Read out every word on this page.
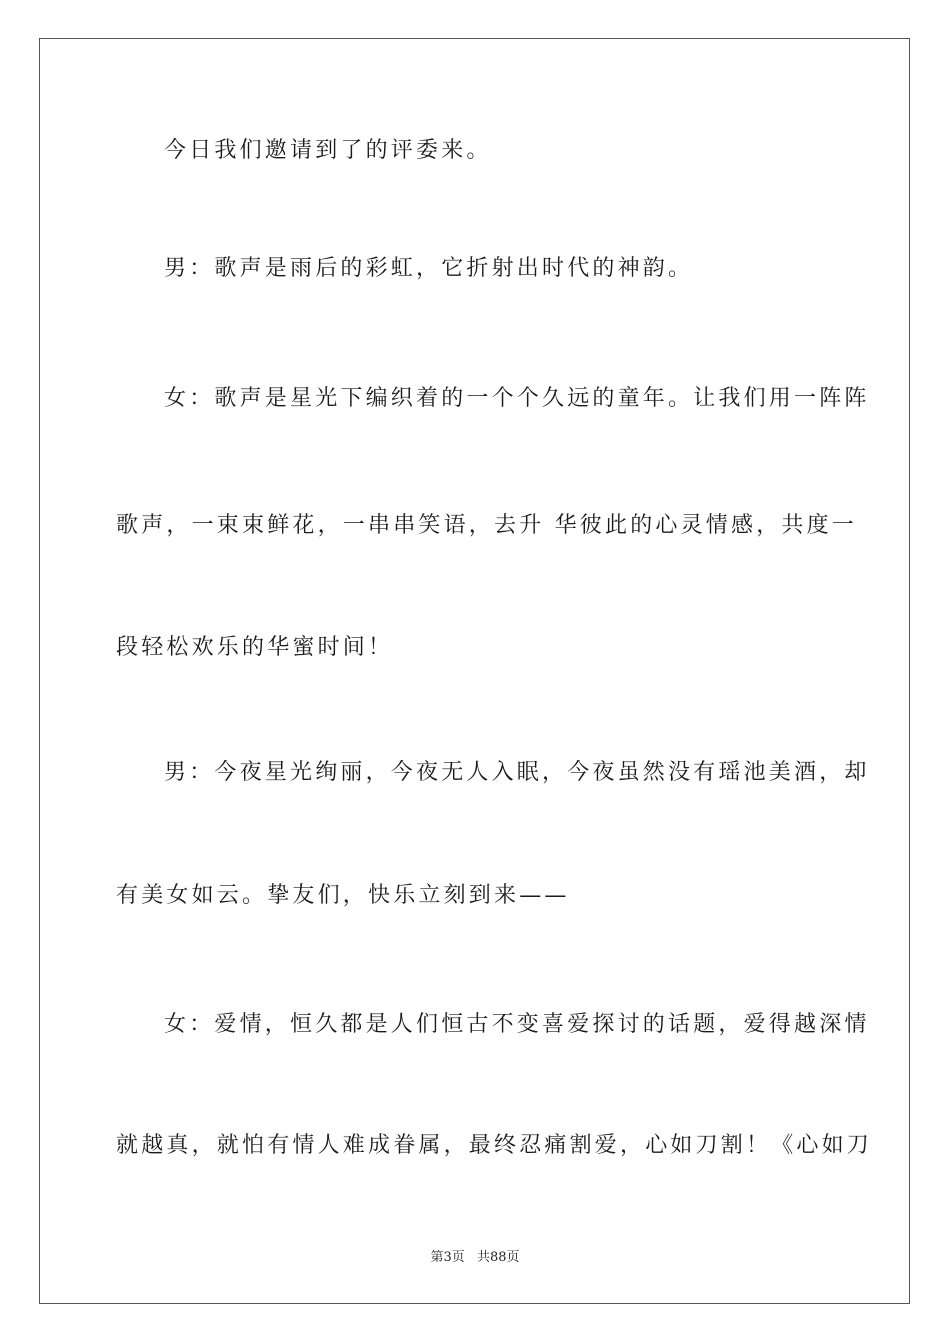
今日我们邀请到了的评委来。
男：歌声是雨后的彩虹，它折射出时代的神韵。
女：歌声是星光下编织着的一个个久远的童年。让我们用一阵阵
歌声，一束束鲜花，一串串笑语，去升 华彼此的心灵情感，共度一
段轻松欢乐的华蜜时间！
男：今夜星光绚丽，今夜无人入眠，今夜虽然没有瑶池美酒，却
有美女如云。挚友们，快乐立刻到来——
女：爱情，恒久都是人们恒古不变喜爱探讨的话题，爱得越深情
就越真，就怕有情人难成眷属，最终忍痛割爱，心如刀割！《心如刀
第3页 共88页
